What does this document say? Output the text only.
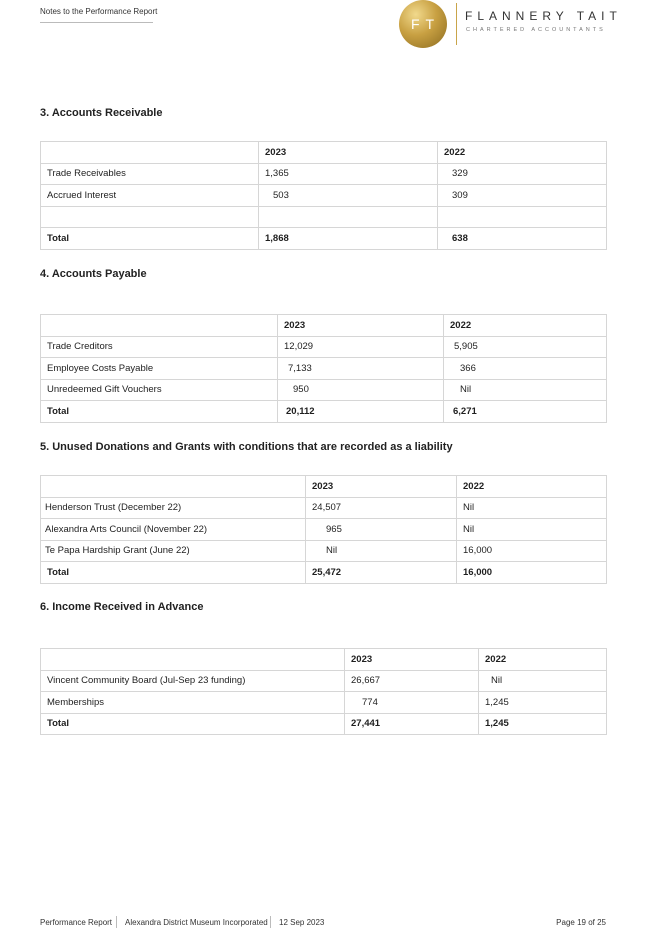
Notes to the Performance Report
FT	FLANNERY TAIT
CHARTERED ACCOUNTANTS
3. Accounts Receivable
	2023	2022
Trade Receivables	1,365	329
Accrued Interest	503	309

Total	1,868	638
4. Accounts Payable
	2023	2022
Trade Creditors	12,029	5,905
Employee Costs Payable	7,133	366
Unredeemed Gift Vouchers	950	Nil
Total	20,112	6,271
5. Unused Donations and Grants with conditions that are recorded as a liability
	2023	2022
Henderson Trust (December 22)	24,507	Nil
Alexandra Arts Council (November 22)	965	Nil
Te Papa Hardship Grant (June 22)	Nil	16,000
Total	25,472	16,000
6. Income Received in Advance
	2023	2022
Vincent Community Board (Jul-Sep 23 funding)	26,667	Nil
Memberships	774	1,245
Total	27,441	1,245
Performance Report Alexandra District Museum Incorporated 12 Sep 2023	Page 19 of 25
